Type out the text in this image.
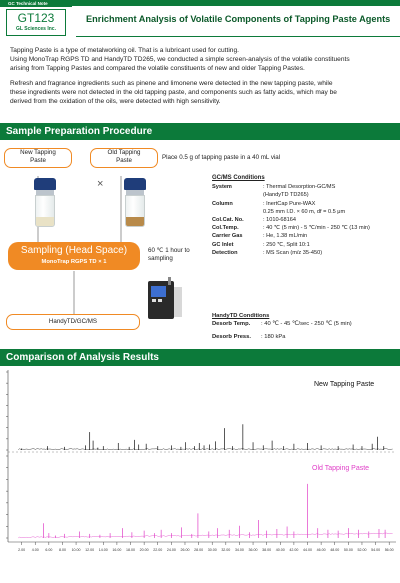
GC Technical Note
GT123
GL Sciences Inc.
Enrichment Analysis of Volatile Components of Tapping Paste Agents

Tapping Paste is a type of metalworking oil. That is a lubricant used for cutting.
Using MonoTrap RGPS TD and HandyTD TD265, we conducted a simple screen-analysis of the volatile constituents
arising from Tapping Pastes and compared the volatile constituents of new and older Tapping Pastes.

Refresh and fragrance ingredients such as pinene and limonene were detected in the new tapping paste, while
these ingredients were not detected in the old tapping paste, and components such as fatty acids, which may be
derived from the oxidation of the oils, were detected with high sensitivity.

Sample Preparation Procedure
New Tapping
Paste
Old Tapping
Paste	Place 0.5 g of tapping paste in a 40 mL vial
×
Sampling (Head Space)
MonoTrap RGPS TD × 1
60 ℃ 1 hour to
sampling
HandyTD/GC/MS
GC/MS Conditions
System	: Thermal Desorption-GC/MS
(HandyTD TD265)
Column	: InertCap Pure-WAX
0.25 mm I.D. × 60 m, df = 0.5 μm
Col.Cat. No.	: 1010-68164
Col.Temp.	: 40 ℃ (5 min) - 5 ℃/min - 250 ℃ (13 min)
Carrier Gas	: He, 1.38 mL/min
GC Inlet	: 250 ℃, Split 10:1
Detection	: MS Scan (m/z 35-450)
HandyTD Conditions
Desorb Temp.	: 40 ℃ - 45 ℃/sec - 250 ℃ (5 min)
Desorb Press.	: 180 kPa
Comparison of Analysis Results
2.00 4.00 6.00 8.00 10.00 12.00 14.00 16.00 18.00 20.00 22.00 24.00 26.00 28.00 30.00 32.00 34.00 36.00 38.00 40.00 42.00 44.00 46.00 48.00 50.00 52.00 54.00 56.00
New Tapping Paste
Old Tapping Paste
